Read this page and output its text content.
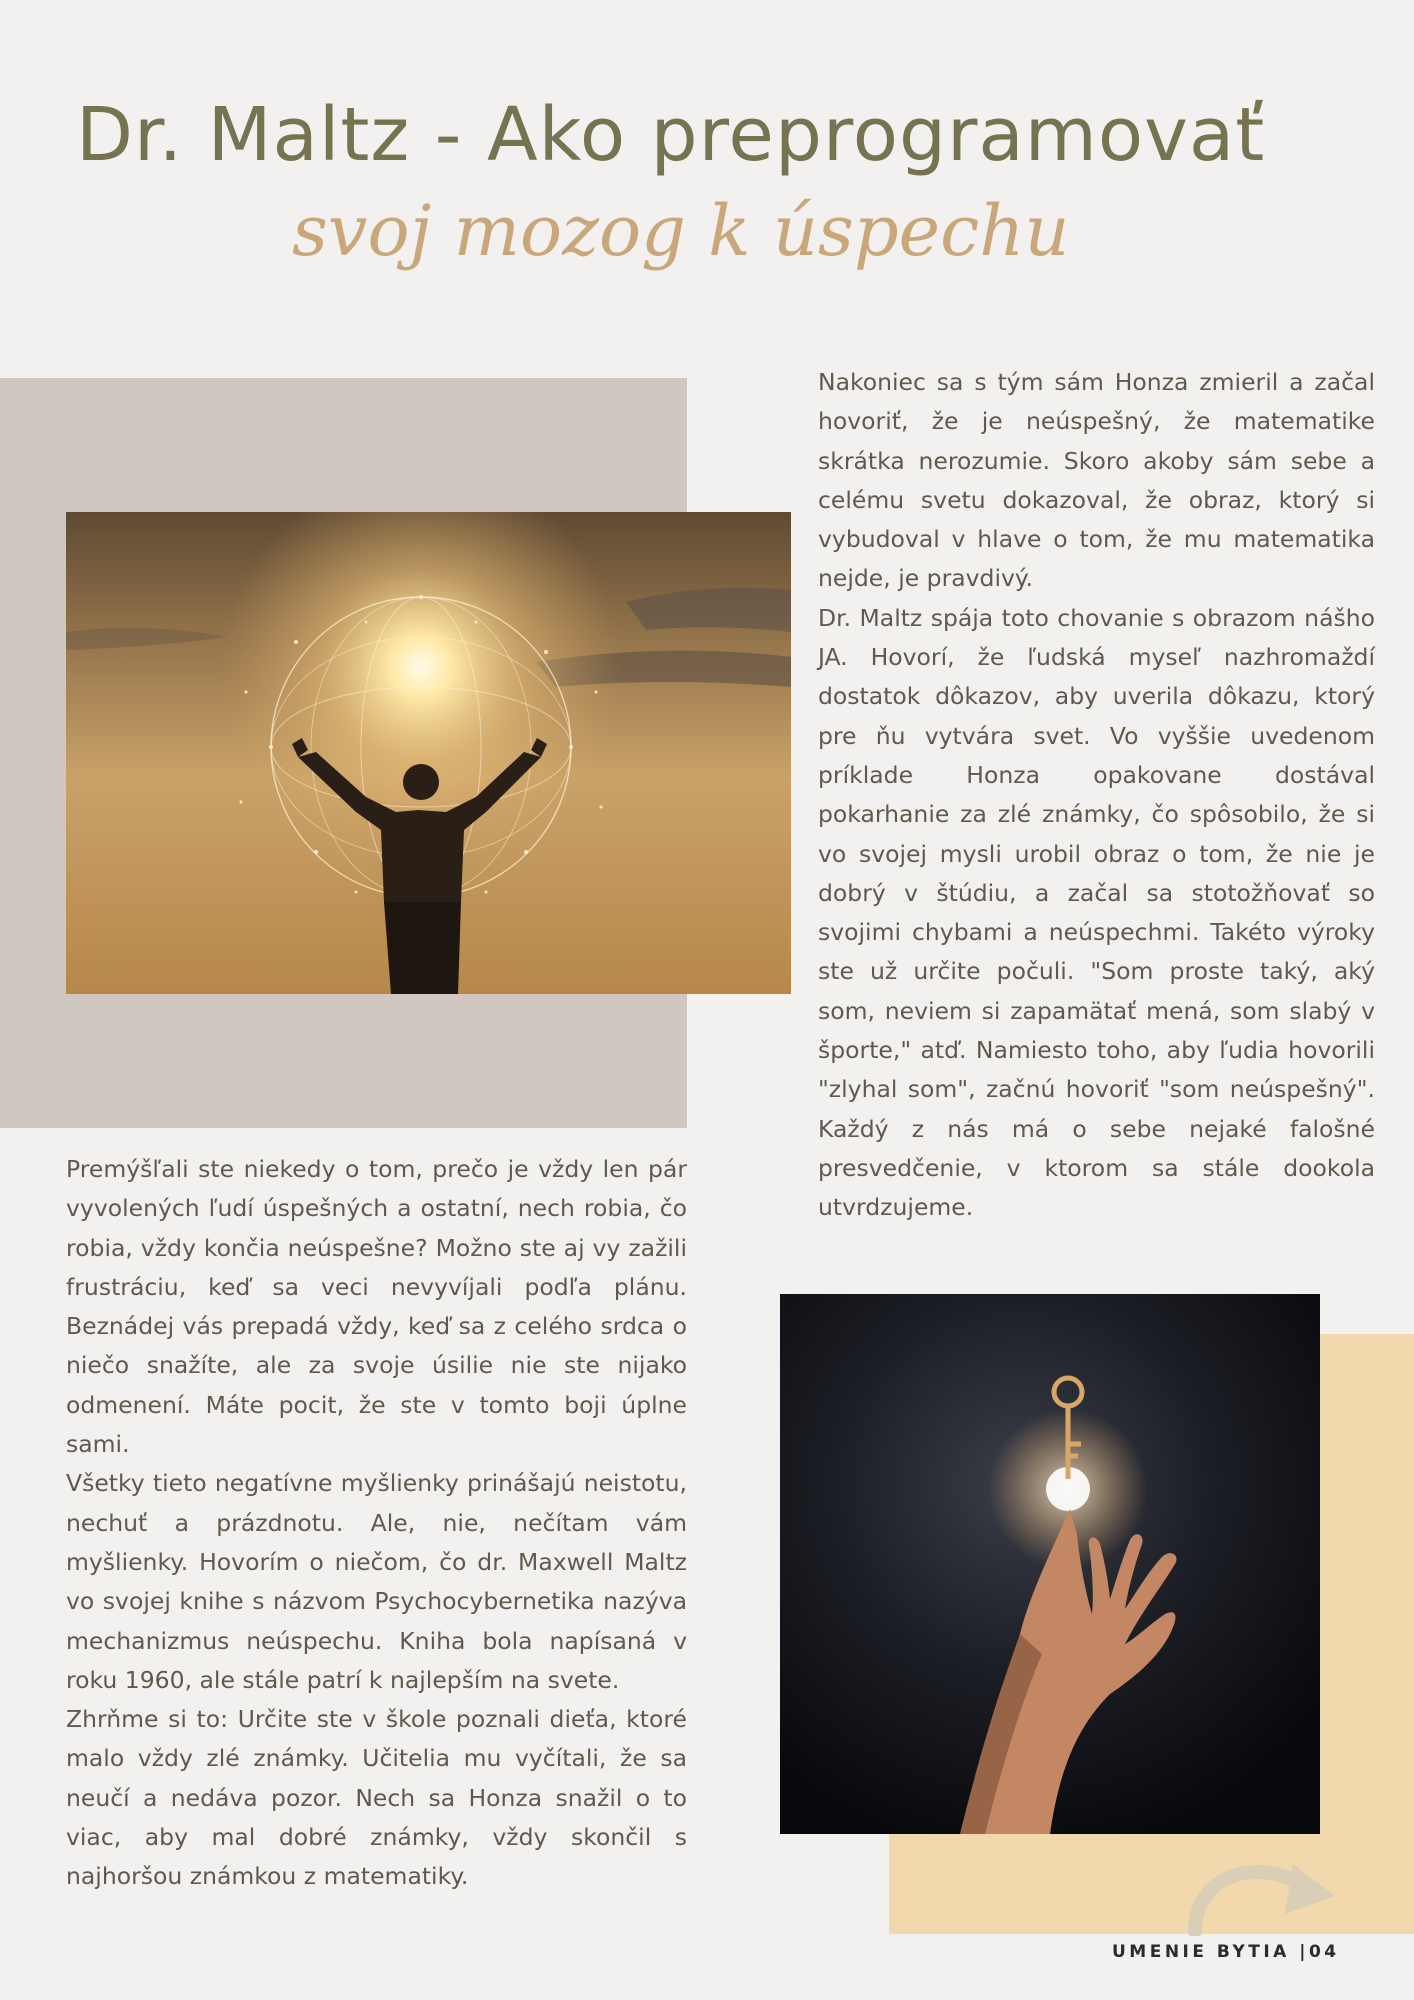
Dr. Maltz - Ako preprogramovať
svoj mozog k úspechu

Nakoniec sa s tým sám Honza zmieril a začal hovoriť, že je neúspešný, že matematike skrátka nerozumie. Skoro akoby sám sebe a celému svetu dokazoval, že obraz, ktorý si vybudoval v hlave o tom, že mu matematika nejde, je pravdivý.

Dr. Maltz spája toto chovanie s obrazom nášho JA. Hovorí, že ľudská myseľ nazhromaždí dostatok dôkazov, aby uverila dôkazu, ktorý pre ňu vytvára svet. Vo vyššie uvedenom príklade Honza opakovane dostával pokarhanie za zlé známky, čo spôsobilo, že si vo svojej mysli urobil obraz o tom, že nie je dobrý v štúdiu, a začal sa stotožňovať so svojimi chybami a neúspechmi. Takéto výroky ste už určite počuli. "Som proste taký, aký som, neviem si zapamätať mená, som slabý v športe," atď. Namiesto toho, aby ľudia hovorili "zlyhal som", začnú hovoriť "som neúspešný". Každý z nás má o sebe nejaké falošné presvedčenie, v ktorom sa stále dookola utvrdzujeme.

Premýšľali ste niekedy o tom, prečo je vždy len pár vyvolených ľudí úspešných a ostatní, nech robia, čo robia, vždy končia neúspešne? Možno ste aj vy zažili frustráciu, keď sa veci nevyvíjali podľa plánu. Beznádej vás prepadá vždy, keď sa z celého srdca o niečo snažíte, ale za svoje úsilie nie ste nijako odmenení. Máte pocit, že ste v tomto boji úplne sami.

Všetky tieto negatívne myšlienky prinášajú neistotu, nechuť a prázdnotu. Ale, nie, nečítam vám myšlienky. Hovorím o niečom, čo dr. Maxwell Maltz vo svojej knihe s názvom Psychocybernetika nazýva mechanizmus neúspechu. Kniha bola napísaná v roku 1960, ale stále patrí k najlepším na svete.

Zhrňme si to: Určite ste v škole poznali dieťa, ktoré malo vždy zlé známky. Učitelia mu vyčítali, že sa neučí a nedáva pozor. Nech sa Honza snažil o to viac, aby mal dobré známky, vždy skončil s najhoršou známkou z matematiky.

UMENIE BYTIA |04
